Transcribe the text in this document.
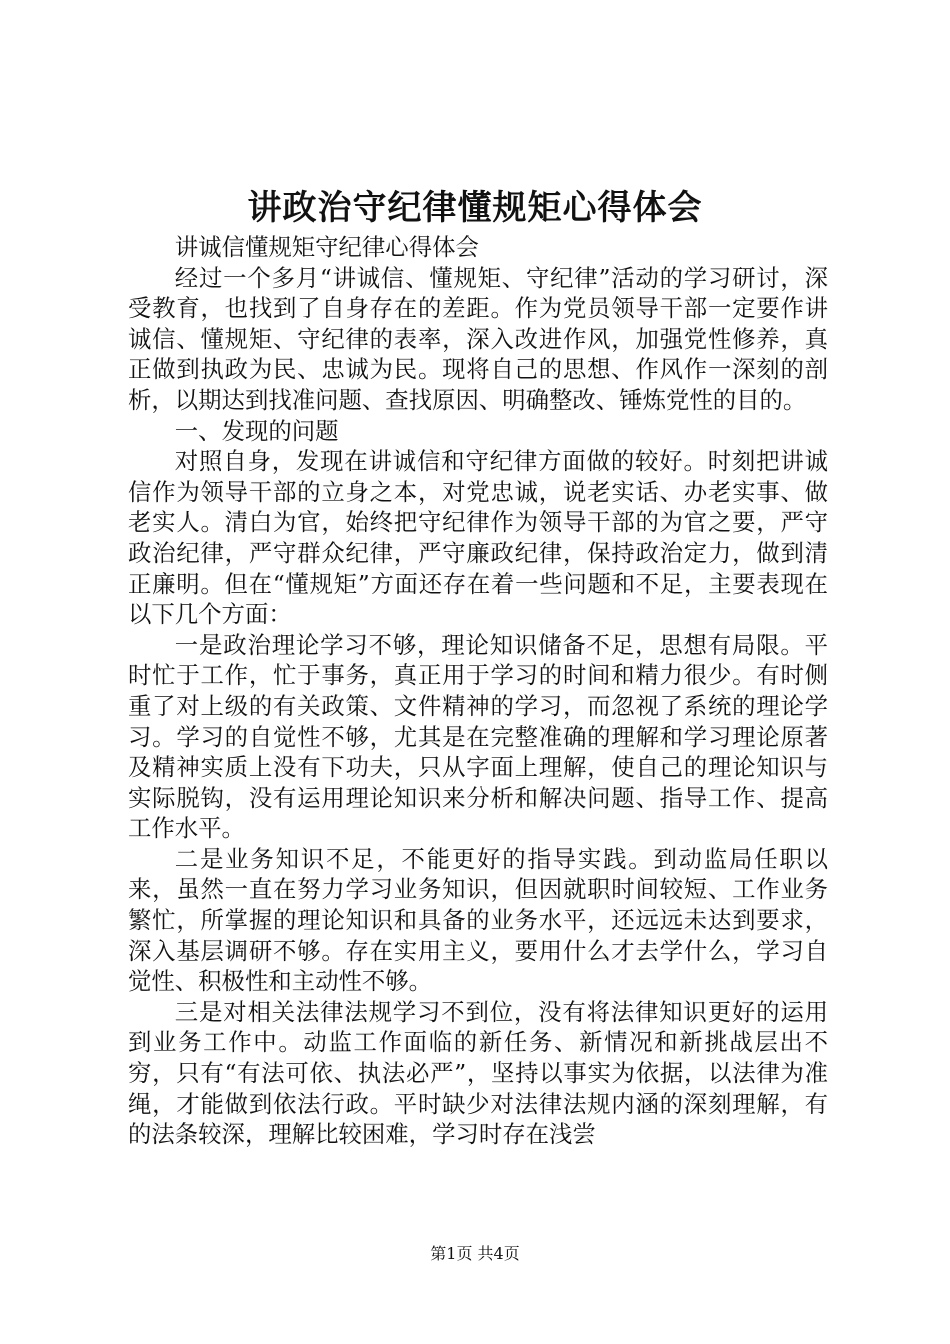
讲政治守纪律懂规矩心得体会

讲诚信懂规矩守纪律心得体会

经过一个多月“讲诚信、懂规矩、守纪律”活动的学习研讨，深受教育，也找到了自身存在的差距。作为党员领导干部一定要作讲诚信、懂规矩、守纪律的表率，深入改进作风，加强党性修养，真正做到执政为民、忠诚为民。现将自己的思想、作风作一深刻的剖析，以期达到找准问题、查找原因、明确整改、锤炼党性的目的。

一、发现的问题

对照自身，发现在讲诚信和守纪律方面做的较好。时刻把讲诚信作为领导干部的立身之本，对党忠诚，说老实话、办老实事、做老实人。清白为官，始终把守纪律作为领导干部的为官之要，严守政治纪律，严守群众纪律，严守廉政纪律，保持政治定力，做到清正廉明。但在“懂规矩”方面还存在着一些问题和不足，主要表现在以下几个方面：

一是政治理论学习不够，理论知识储备不足，思想有局限。平时忙于工作，忙于事务，真正用于学习的时间和精力很少。有时侧重了对上级的有关政策、文件精神的学习，而忽视了系统的理论学习。学习的自觉性不够，尤其是在完整准确的理解和学习理论原著及精神实质上没有下功夫，只从字面上理解，使自己的理论知识与实际脱钩，没有运用理论知识来分析和解决问题、指导工作、提高工作水平。

二是业务知识不足，不能更好的指导实践。到动监局任职以来，虽然一直在努力学习业务知识，但因就职时间较短、工作业务繁忙，所掌握的理论知识和具备的业务水平，还远远未达到要求，深入基层调研不够。存在实用主义，要用什么才去学什么，学习自觉性、积极性和主动性不够。

三是对相关法律法规学习不到位，没有将法律知识更好的运用到业务工作中。动监工作面临的新任务、新情况和新挑战层出不穷，只有“有法可依、执法必严”，坚持以事实为依据，以法律为准绳，才能做到依法行政。平时缺少对法律法规内涵的深刻理解，有的法条较深，理解比较困难，学习时存在浅尝

第1页 共4页
